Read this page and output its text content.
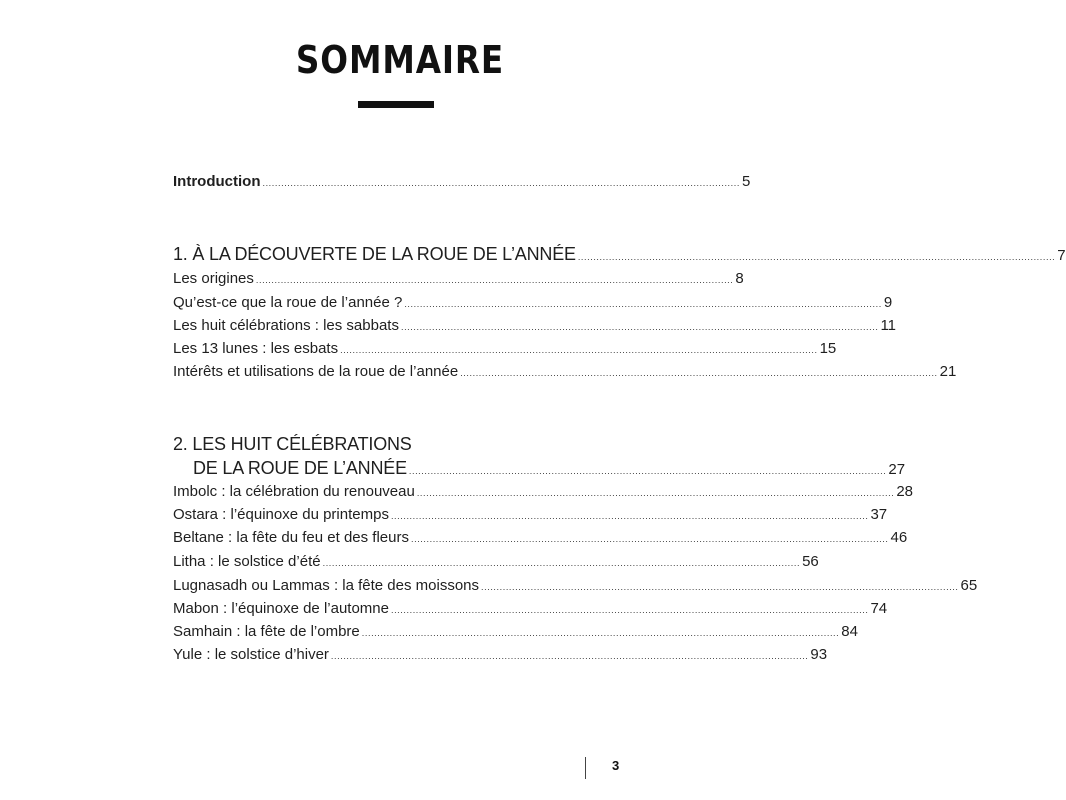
SOMMAIRE
Introduction .......................................................................................................................................................... 5
1. À LA DÉCOUVERTE DE LA ROUE DE L’ANNÉE .......................................................................................................................................................... 7
Les origines .......................................................................................................................................................... 8
Qu’est-ce que la roue de l’année ? .......................................................................................................................................................... 9
Les huit célébrations : les sabbats .......................................................................................................................................................... 11
Les 13 lunes : les esbats .......................................................................................................................................................... 15
Intérêts et utilisations de la roue de l’année .......................................................................................................................................................... 21
2. LES HUIT CÉLÉBRATIONS
DE LA ROUE DE L’ANNÉE .......................................................................................................................................................... 27
Imbolc : la célébration du renouveau .......................................................................................................................................................... 28
Ostara : l’équinoxe du printemps .......................................................................................................................................................... 37
Beltane : la fête du feu et des fleurs .......................................................................................................................................................... 46
Litha : le solstice d’été .......................................................................................................................................................... 56
Lugnasadh ou Lammas : la fête des moissons .......................................................................................................................................................... 65
Mabon : l’équinoxe de l’automne .......................................................................................................................................................... 74
Samhain : la fête de l’ombre .......................................................................................................................................................... 84
Yule : le solstice d’hiver .......................................................................................................................................................... 93
3
